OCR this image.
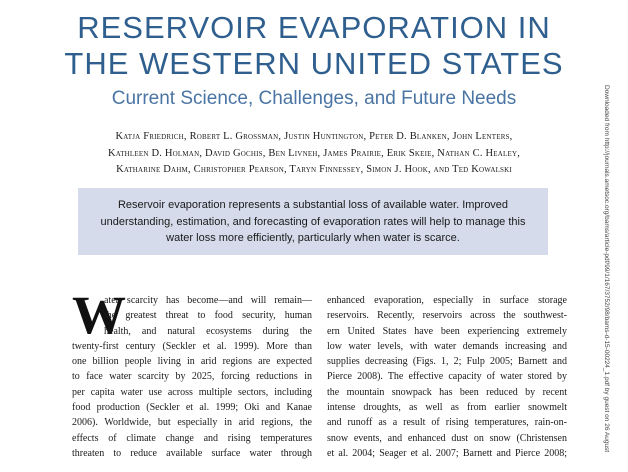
RESERVOIR EVAPORATION IN
THE WESTERN UNITED STATES
Current Science, Challenges, and Future Needs
Katja Friedrich, Robert L. Grossman, Justin Huntington, Peter D. Blanken, John Lenters,
Kathleen D. Holman, David Gochis, Ben Livneh, James Prairie, Erik Skeie, Nathan C. Healey,
Katharine Dahm, Christopher Pearson, Taryn Finnessey, Simon J. Hook, and Ted Kowalski
Reservoir evaporation represents a substantial loss of available water. Improved
understanding, estimation, and forecasting of evaporation rates will help to manage this
water loss more efficiently, particularly when water is scarce.
W
ater scarcity has become—and will remain—
the greatest threat to food security, human
health, and natural ecosystems during the
twenty-first century (Seckler et al. 1999). More than
one billion people living in arid regions are expected
to face water scarcity by 2025, forcing reductions in
per capita water use across multiple sectors, including
food production (Seckler et al. 1999; Oki and Kanae
2006). Worldwide, but especially in arid regions, the
effects of climate change and rising temperatures
threaten to reduce available surface water through
enhanced evaporation, especially in surface storage
reservoirs. Recently, reservoirs across the southwest-
ern United States have been experiencing extremely
low water levels, with water demands increasing and
supplies decreasing (Figs. 1, 2; Fulp 2005; Barnett and
Pierce 2008). The effective capacity of water stored by
the mountain snowpack has been reduced by recent
intense droughts, as well as from earlier snowmelt
and runoff as a result of rising temperatures, rain-on-
snow events, and enhanced dust on snow (Christensen
et al. 2004; Seager et al. 2007; Barnett and Pierce 2008;
Downloaded from http://journals.ametsoc.org/bams/article-pdf/99/1/167/3752/98/bams-d-15-00224_1.pdf by guest on 26 August
